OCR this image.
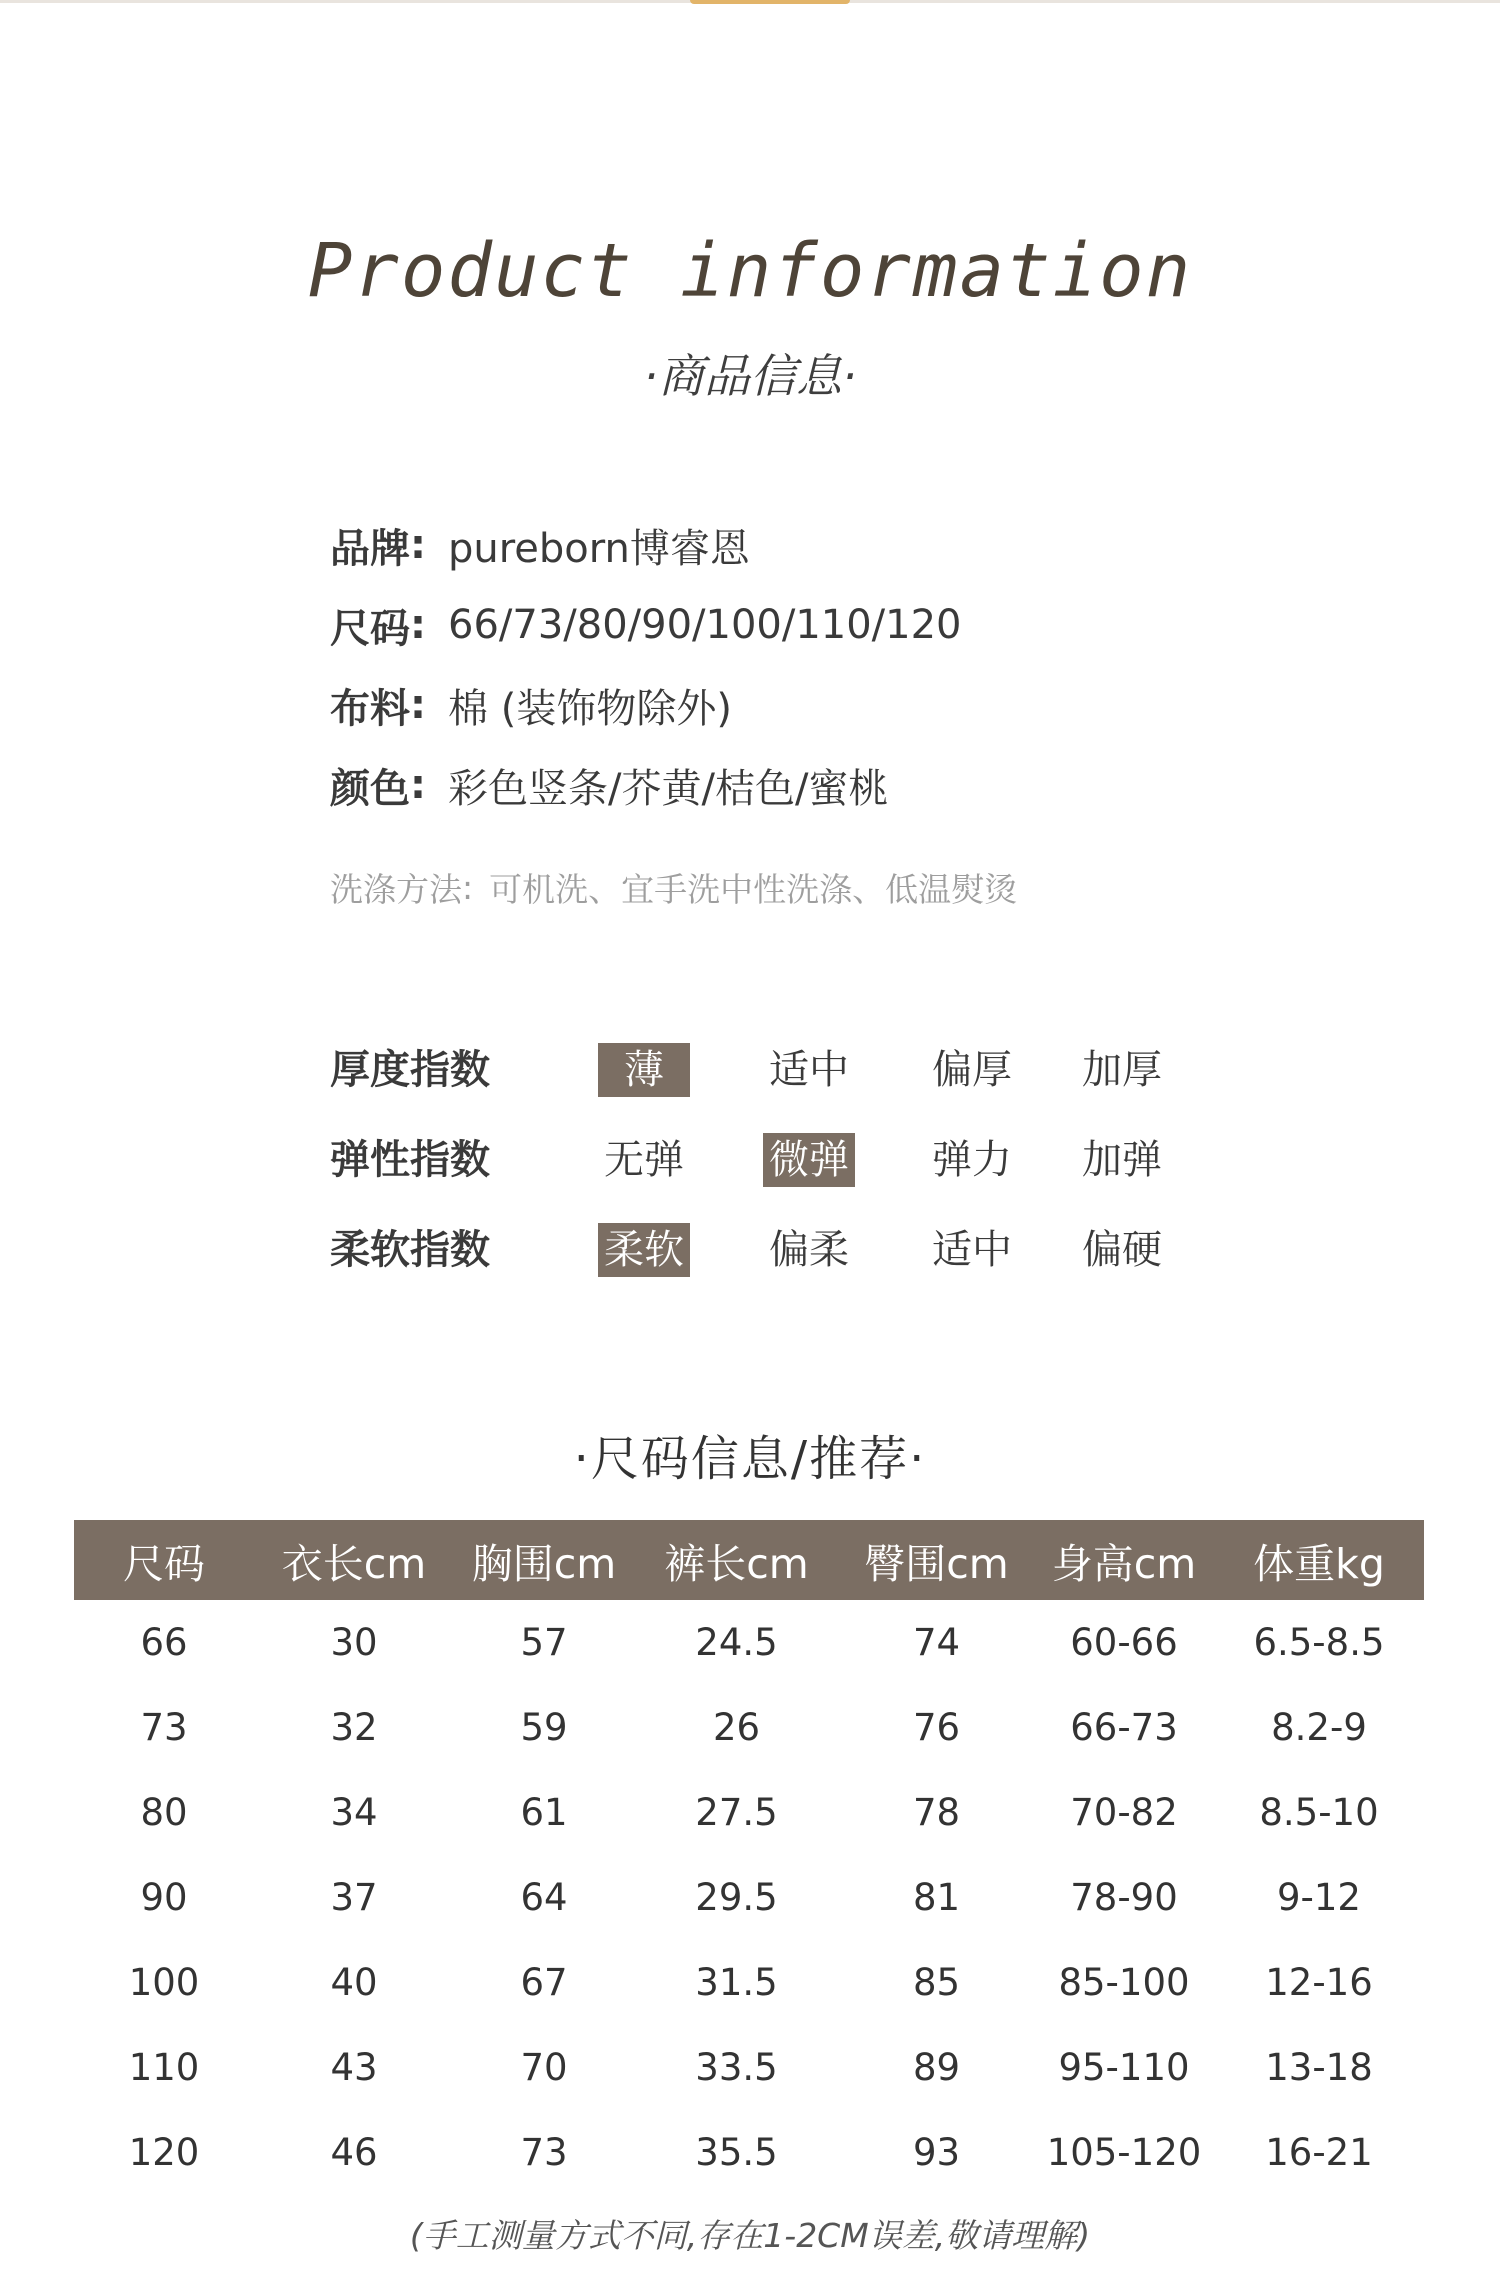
Product information
·商品信息·
品牌 : pureborn博睿恩
尺码 : 66/73/80/90/100/110/120
布料 : 棉 (装饰物除外)
颜色 : 彩色竖条/芥黄/桔色/蜜桃
洗涤方法 : 可机洗、宜手洗中性洗涤、低温熨烫
厚度指数	薄	适中 偏厚 加厚
弹性指数	无弹 微弹 弹力 加弹
柔软指数	柔软 偏柔 适中 偏硬
·尺码信息/推荐·
尺码	衣长cm	胸围cm	裤长cm	臀围cm	身高cm	体重kg
66	30	57	24.5	74	60-66	6.5-8.5
73	32	59	26	76	66-73	8.2-9
80	34	61	27.5	78	70-82	8.5-10
90	37	64	29.5	81	78-90	9-12
100	40	67	31.5	85	85-100	12-16
110	43	70	33.5	89	95-110	13-18
120	46	73	35.5	93	105-120	16-21
(手工测量方式不同,存在1-2CM误差,敬请理解)
